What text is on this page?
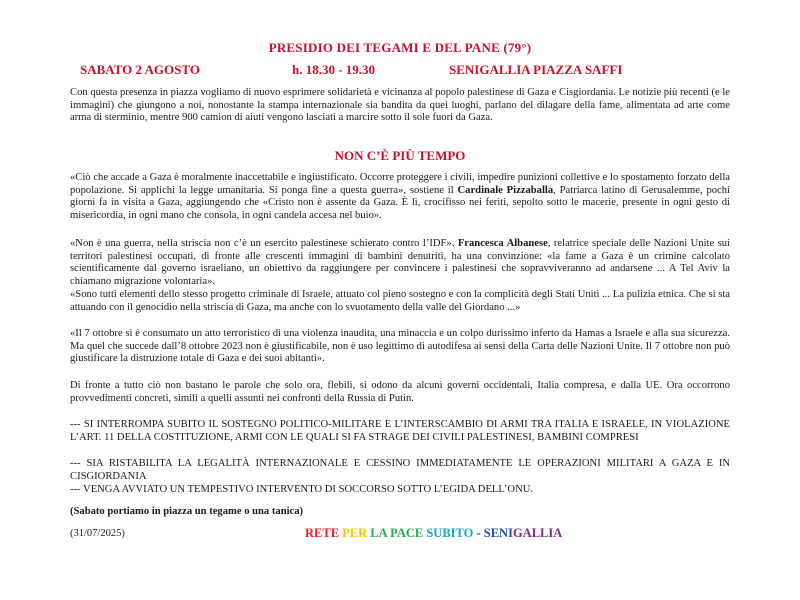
PRESIDIO DEI TEGAMI E DEL PANE (79°)
SABATO 2 AGOSTO	h. 18.30 - 19.30	SENIGALLIA PIAZZA SAFFI
Con questa presenza in piazza vogliamo di nuovo esprimere solidarietà e vicinanza al popolo palestinese di Gaza e Cisgiordania. Le notizie più recenti (e le immagini) che giungono a noi, nonostante la stampa internazionale sia bandita da quei luoghi, parlano del dilagare della fame, alimentata ad arte come arma di sterminio, mentre 900 camion di aiuti vengono lasciati a marcire sotto il sole fuori da Gaza.
NON C’È PIÙ TEMPO
«Ciò che accade a Gaza è moralmente inaccettabile e ingiustificato. Occorre proteggere i civili, impedire punizioni collettive e lo spostamento forzato della popolazione. Si applichi la legge umanitaria. Si ponga fine a questa guerra», sostiene il Cardinale Pizzaballa, Patriarca latino di Gerusalemme, pochi giorni fa in visita a Gaza, aggiungendo che «Cristo non è assente da Gaza. È lì, crocifisso nei feriti, sepolto sotto le macerie, presente in ogni gesto di misericordia, in ogni mano che consola, in ogni candela accesa nel buio».
«Non è una guerra, nella striscia non c’è un esercito palestinese schierato contro l’IDF». Francesca Albanese, relatrice speciale delle Nazioni Unite sui territori palestinesi occupati, di fronte alle crescenti immagini di bambini denutriti, ha una convinzione: «la fame a Gaza è un crimine calcolato scientificamente dal governo israeliano, un obiettivo da raggiungere per convincere i palestinesi che sopravviveranno ad andarsene ... A Tel Aviv la chiamano migrazione volontaria».
«Sono tutti elementi dello stesso progetto criminale di Israele, attuato col pieno sostegno e con la complicità degli Stati Uniti ... La pulizia etnica. Che si sta attuando con il genocidio nella striscia di Gaza, ma anche con lo svuotamento della valle del Giordano ...»
«Il 7 ottobre si è consumato un atto terroristico di una violenza inaudita, una minaccia e un colpo durissimo inferto da Hamas a Israele e alla sua sicurezza. Ma quel che succede dall’8 ottobre 2023 non è giustificabile, non è uso legittimo di autodifesa ai sensi della Carta delle Nazioni Unite. Il 7 ottobre non può giustificare la distruzione totale di Gaza e dei suoi abitanti».
Di fronte a tutto ciò non bastano le parole che solo ora, flebili, si odono da alcuni governi occidentali, Italia compresa, e dalla UE. Ora occorrono provvedimenti concreti, simili a quelli assunti nei confronti della Russia di Putin.
--- SI INTERROMPA SUBITO IL SOSTEGNO POLITICO-MILITARE E L’INTERSCAMBIO DI ARMI TRA ITALIA E ISRAELE, IN VIOLAZIONE L’ART. 11 DELLA COSTITUZIONE, ARMI CON LE QUALI SI FA STRAGE DEI CIVILI PALESTINESI, BAMBINI COMPRESI
--- SIA RISTABILITA LA LEGALITÀ INTERNAZIONALE E CESSINO IMMEDIATAMENTE LE OPERAZIONI MILITARI A GAZA E IN CISGIORDANIA
--- VENGA AVVIATO UN TEMPESTIVO INTERVENTO DI SOCCORSO SOTTO L’EGIDA DELL’ONU.
(Sabato portiamo in piazza un tegame o una tanica)
(31/07/2025)	RETE PER LA PACE SUBITO - SENIGALLIA
